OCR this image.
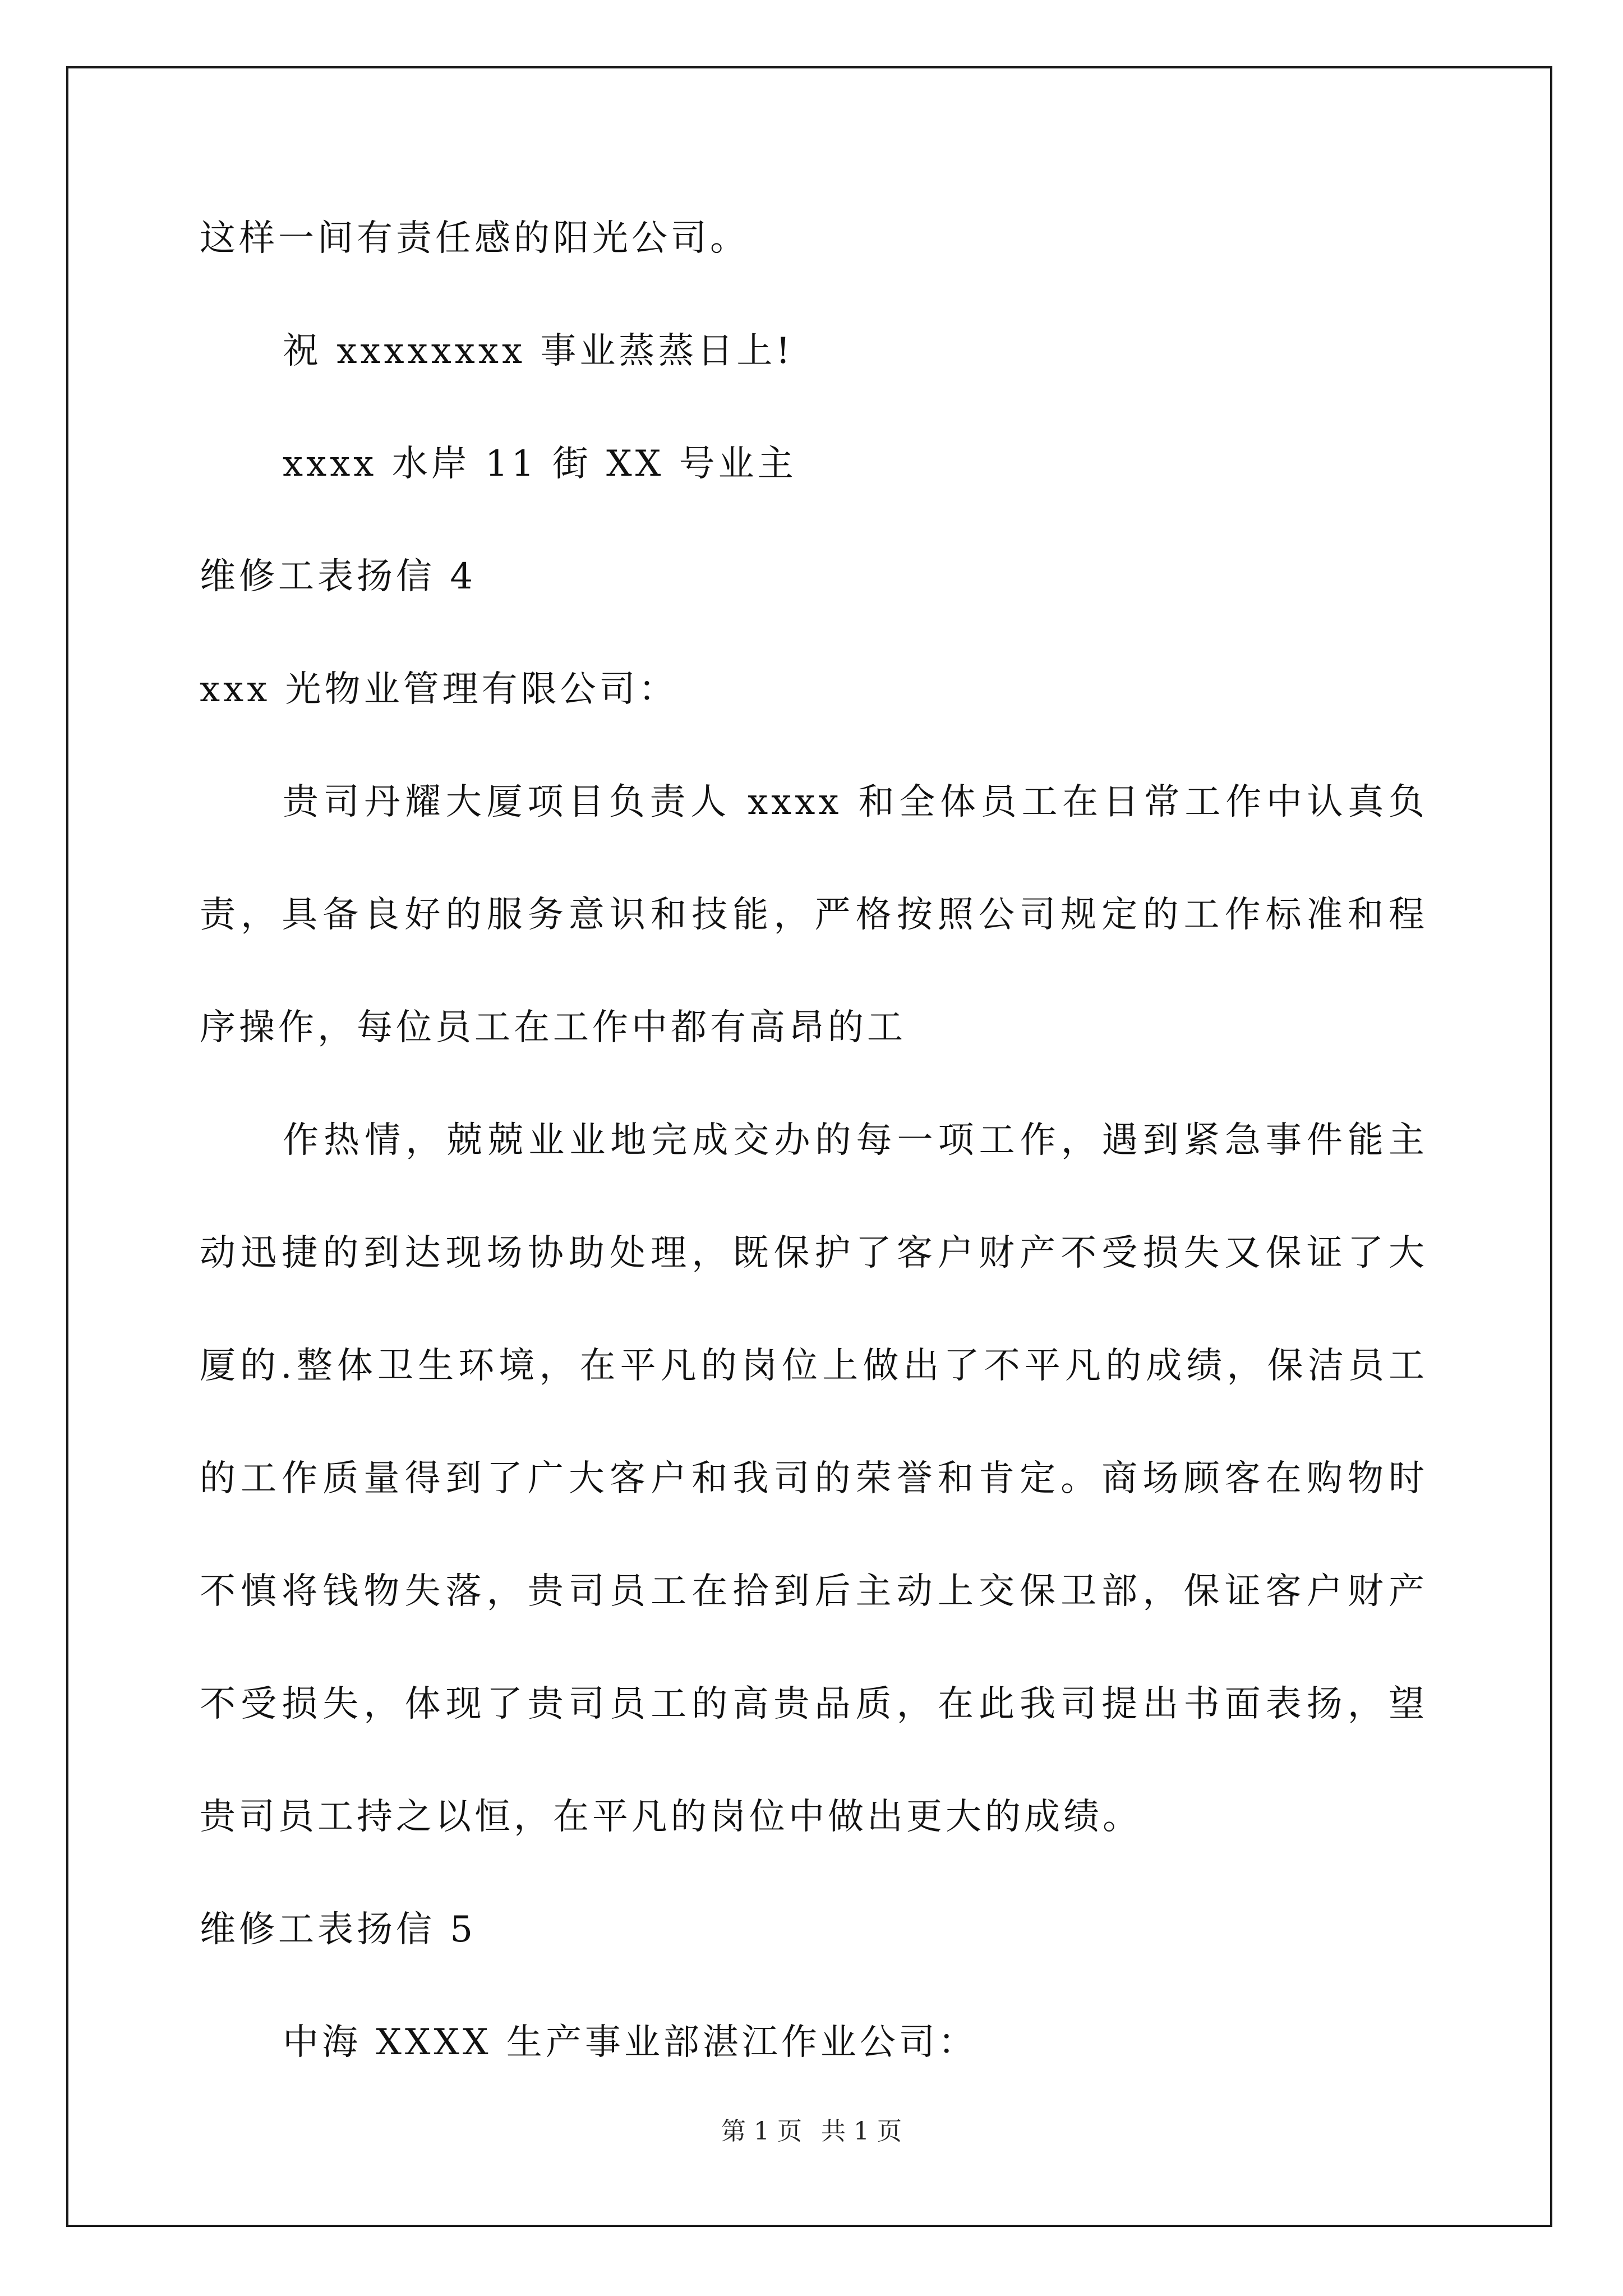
这样一间有责任感的阳光公司。

祝 xxxxxxxx 事业蒸蒸日上!

xxxx 水岸 11 街 XX 号业主

维修工表扬信 4

xxx 光物业管理有限公司：

贵司丹耀大厦项目负责人 xxxx 和全体员工在日常工作中认真负

责，具备良好的服务意识和技能，严格按照公司规定的工作标准和程

序操作，每位员工在工作中都有高昂的工

作热情，兢兢业业地完成交办的每一项工作，遇到紧急事件能主

动迅捷的到达现场协助处理，既保护了客户财产不受损失又保证了大

厦的.整体卫生环境，在平凡的岗位上做出了不平凡的成绩，保洁员工

的工作质量得到了广大客户和我司的荣誉和肯定。商场顾客在购物时

不慎将钱物失落，贵司员工在拾到后主动上交保卫部，保证客户财产

不受损失，体现了贵司员工的高贵品质，在此我司提出书面表扬，望

贵司员工持之以恒，在平凡的岗位中做出更大的成绩。

维修工表扬信 5

中海 XXXX 生产事业部湛江作业公司：

第 1 页 共 1 页
